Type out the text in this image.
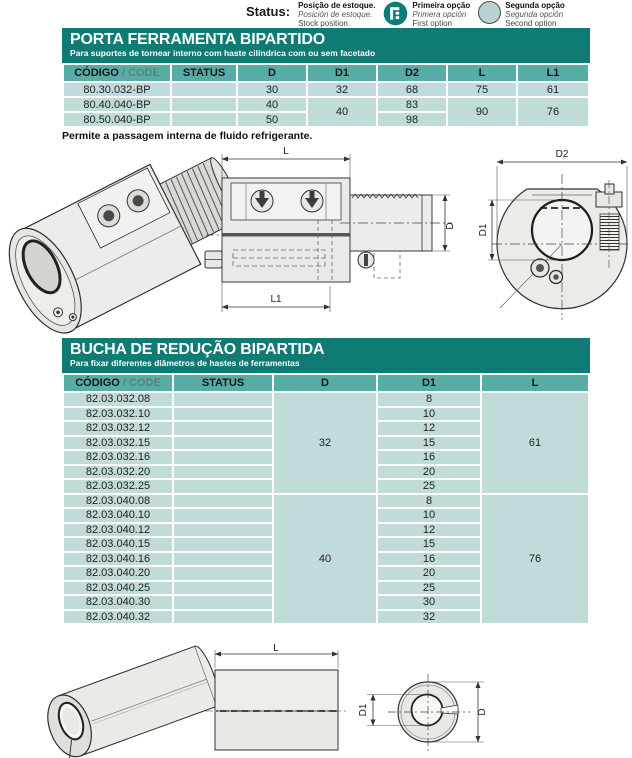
Status: Posição de estoque.
Posición de estoque.
Stock position.
Primeira opção
Primera opción
First option
Segunda opção
Segunda opción
Second option
PORTA FERRAMENTA BIPARTIDO
Para suportes de tornear interno com haste cilíndrica com ou sem facetado
CÓDIGO / CODE	STATUS	D	D1	D2	L	L1
80.30.032-BP		30	32	68	75	61
80.40.040-BP		40	40	83	90	76
80.50.040-BP		50		98		
Permite a passagem interna de fluido refrigerante.
L
D
L1
D2
D1
BUCHA DE REDUÇÃO BIPARTIDA
Para fixar diferentes diâmetros de hastes de ferramentas
CÓDIGO / CODE	STATUS	D	D1	L
82.03.032.08		32	8	61
82.03.032.10			10	
82.03.032.12			12	
82.03.032.15			15	
82.03.032.16			16	
82.03.032.20			20	
82.03.032.25			25	
82.03.040.08		40	8	76
82.03.040.10			10	
82.03.040.12			12	
82.03.040.15			15	
82.03.040.16			16	
82.03.040.20			20	
82.03.040.25			25	
82.03.040.30			30	
82.03.040.32			32	
L
D
D1
